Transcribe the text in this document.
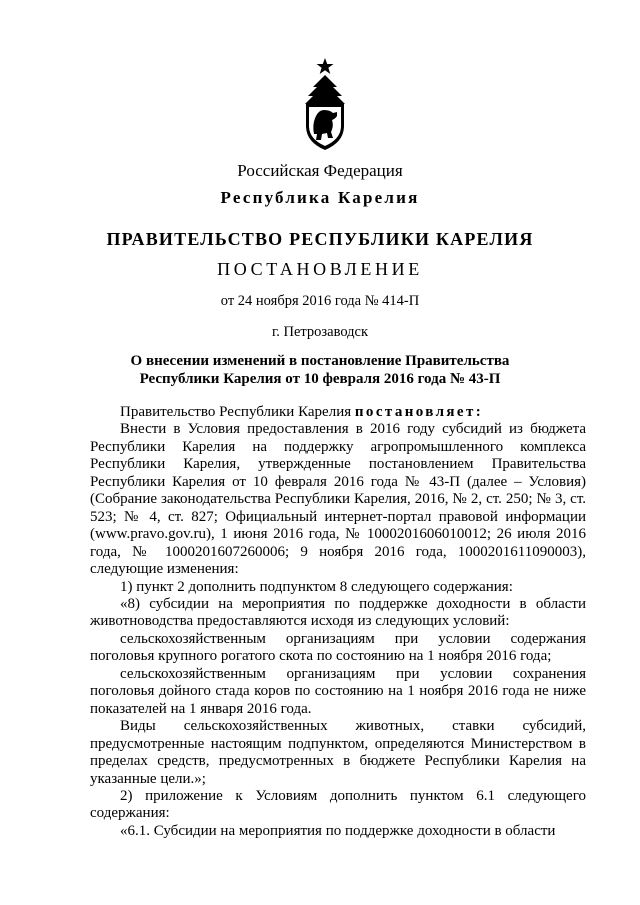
Российская Федерация
Республика Карелия
ПРАВИТЕЛЬСТВО РЕСПУБЛИКИ КАРЕЛИЯ
ПОСТАНОВЛЕНИЕ
от 24 ноября 2016 года № 414-П
г. Петрозаводск
О внесении изменений в постановление Правительства
Республики Карелия от 10 февраля 2016 года № 43-П

Правительство Республики Карелия постановляет:

Внести в Условия предоставления в 2016 году субсидий из бюджета Республики Карелия на поддержку агропромышленного комплекса Республики Карелия, утвержденные постановлением Правительства Республики Карелия от 10 февраля 2016 года № 43-П (далее – Условия) (Собрание законодательства Республики Карелия, 2016, № 2, ст. 250; № 3, ст. 523; № 4, ст. 827; Официальный интернет-портал правовой информации (www.pravo.gov.ru), 1 июня 2016 года, № 1000201606010012; 26 июля 2016 года, № 1000201607260006; 9 ноября 2016 года, 1000201611090003), следующие изменения:

1) пункт 2 дополнить подпунктом 8 следующего содержания:

«8) субсидии на мероприятия по поддержке доходности в области животноводства предоставляются исходя из следующих условий:

сельскохозяйственным организациям при условии содержания поголовья крупного рогатого скота по состоянию на 1 ноября 2016 года;

сельскохозяйственным организациям при условии сохранения поголовья дойного стада коров по состоянию на 1 ноября 2016 года не ниже показателей на 1 января 2016 года.

Виды сельскохозяйственных животных, ставки субсидий, предусмотренные настоящим подпунктом, определяются Министерством в пределах средств, предусмотренных в бюджете Республики Карелия на указанные цели.»;

2) приложение к Условиям дополнить пунктом 6.1 следующего содержания:

«6.1. Субсидии на мероприятия по поддержке доходности в области
